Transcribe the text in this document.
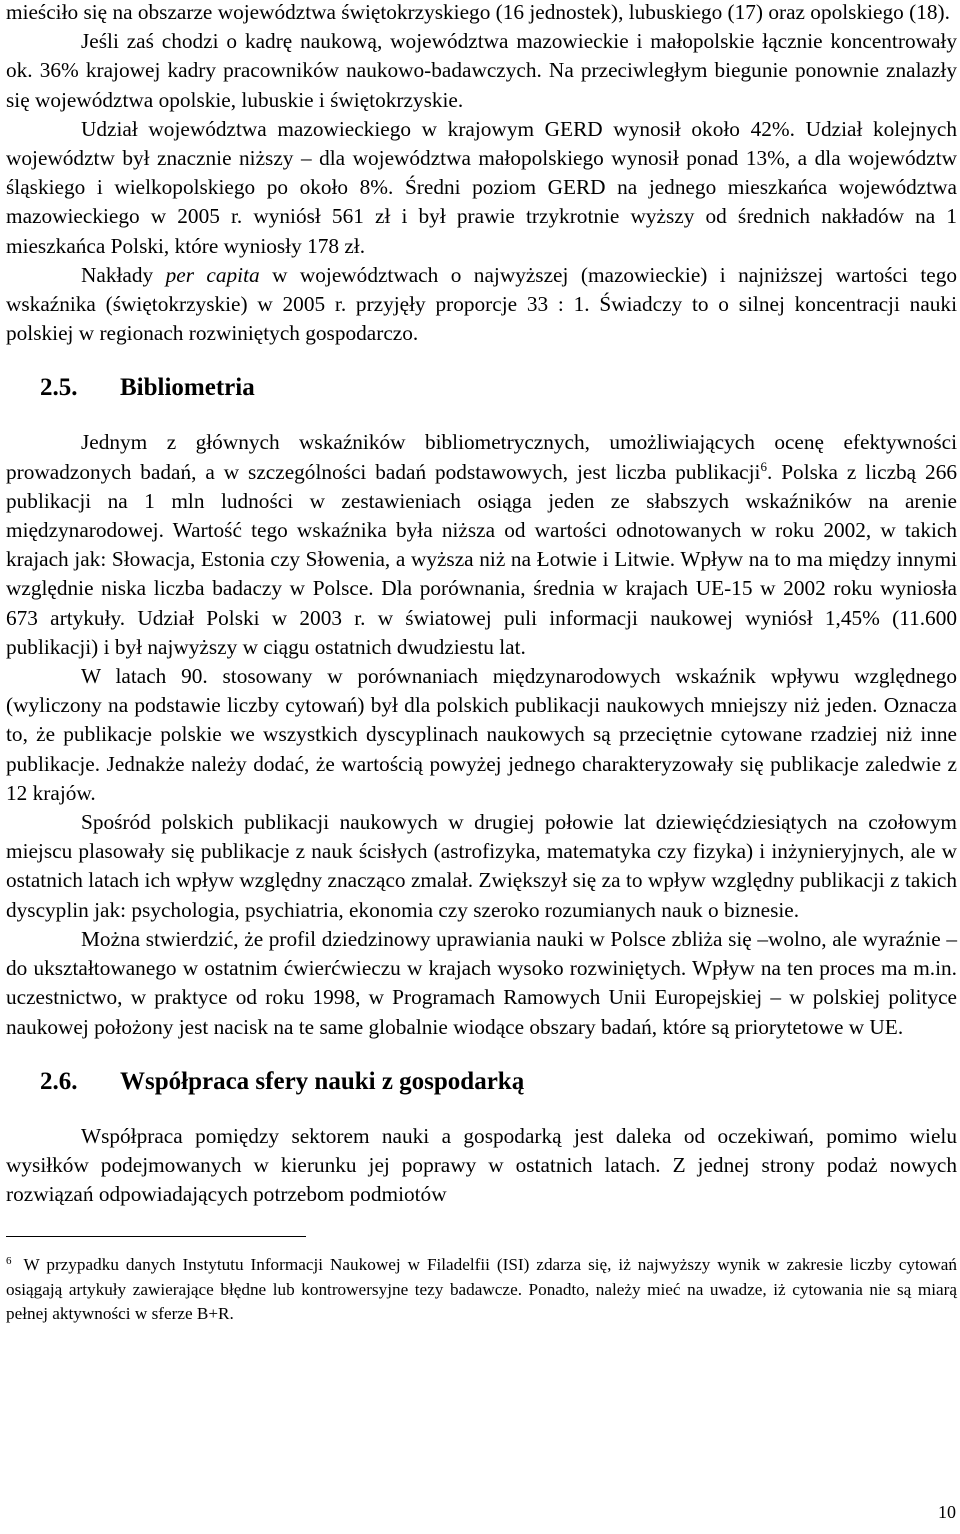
mieściło się na obszarze województwa świętokrzyskiego (16 jednostek), lubuskiego (17) oraz opolskiego (18).

Jeśli zaś chodzi o kadrę naukową, województwa mazowieckie i małopolskie łącznie koncentrowały ok. 36% krajowej kadry pracowników naukowo-badawczych. Na przeciwległym biegunie ponownie znalazły się województwa opolskie, lubuskie i świętokrzyskie.

Udział województwa mazowieckiego w krajowym GERD wynosił około 42%. Udział kolejnych województw był znacznie niższy – dla województwa małopolskiego wynosił ponad 13%, a dla województw śląskiego i wielkopolskiego po około 8%. Średni poziom GERD na jednego mieszkańca województwa mazowieckiego w 2005 r. wyniósł 561 zł i był prawie trzykrotnie wyższy od średnich nakładów na 1 mieszkańca Polski, które wyniosły 178 zł.

Nakłady per capita w województwach o najwyższej (mazowieckie) i najniższej wartości tego wskaźnika (świętokrzyskie) w 2005 r. przyjęły proporcje 33 : 1. Świadczy to o silnej koncentracji nauki polskiej w regionach rozwiniętych gospodarczo.

2.5.	Bibliometria

Jednym z głównych wskaźników bibliometrycznych, umożliwiających ocenę efektywności prowadzonych badań, a w szczególności badań podstawowych, jest liczba publikacji$^6$. Polska z liczbą 266 publikacji na 1 mln ludności w zestawieniach osiąga jeden ze słabszych wskaźników na arenie międzynarodowej. Wartość tego wskaźnika była niższa od wartości odnotowanych w roku 2002, w takich krajach jak: Słowacja, Estonia czy Słowenia, a wyższa niż na Łotwie i Litwie. Wpływ na to ma między innymi względnie niska liczba badaczy w Polsce. Dla porównania, średnia w krajach UE-15 w 2002 roku wyniosła 673 artykuły. Udział Polski w 2003 r. w światowej puli informacji naukowej wyniósł 1,45% (11.600 publikacji) i był najwyższy w ciągu ostatnich dwudziestu lat.

W latach 90. stosowany w porównaniach międzynarodowych wskaźnik wpływu względnego (wyliczony na podstawie liczby cytowań) był dla polskich publikacji naukowych mniejszy niż jeden. Oznacza to, że publikacje polskie we wszystkich dyscyplinach naukowych są przeciętnie cytowane rzadziej niż inne publikacje. Jednakże należy dodać, że wartością powyżej jednego charakteryzowały się publikacje zaledwie z 12 krajów.

Spośród polskich publikacji naukowych w drugiej połowie lat dziewięćdziesiątych na czołowym miejscu plasowały się publikacje z nauk ścisłych (astrofizyka, matematyka czy fizyka) i inżynieryjnych, ale w ostatnich latach ich wpływ względny znacząco zmalał. Zwiększył się za to wpływ względny publikacji z takich dyscyplin jak: psychologia, psychiatria, ekonomia czy szeroko rozumianych nauk o biznesie.

Można stwierdzić, że profil dziedzinowy uprawiania nauki w Polsce zbliża się –wolno, ale wyraźnie – do ukształtowanego w ostatnim ćwierćwieczu w krajach wysoko rozwiniętych. Wpływ na ten proces ma m.in. uczestnictwo, w praktyce od roku 1998, w Programach Ramowych Unii Europejskiej – w polskiej polityce naukowej położony jest nacisk na te same globalnie wiodące obszary badań, które są priorytetowe w UE.

2.6.	Współpraca sfery nauki z gospodarką

Współpraca pomiędzy sektorem nauki a gospodarką jest daleka od oczekiwań, pomimo wielu wysiłków podejmowanych w kierunku jej poprawy w ostatnich latach. Z jednej strony podaż nowych rozwiązań odpowiadających potrzebom podmiotów

$^6$ W przypadku danych Instytutu Informacji Naukowej w Filadelfii (ISI) zdarza się, iż najwyższy wynik w zakresie liczby cytowań osiągają artykuły zawierające błędne lub kontrowersyjne tezy badawcze. Ponadto, należy mieć na uwadze, iż cytowania nie są miarą pełnej aktywności w sferze B+R.

10
